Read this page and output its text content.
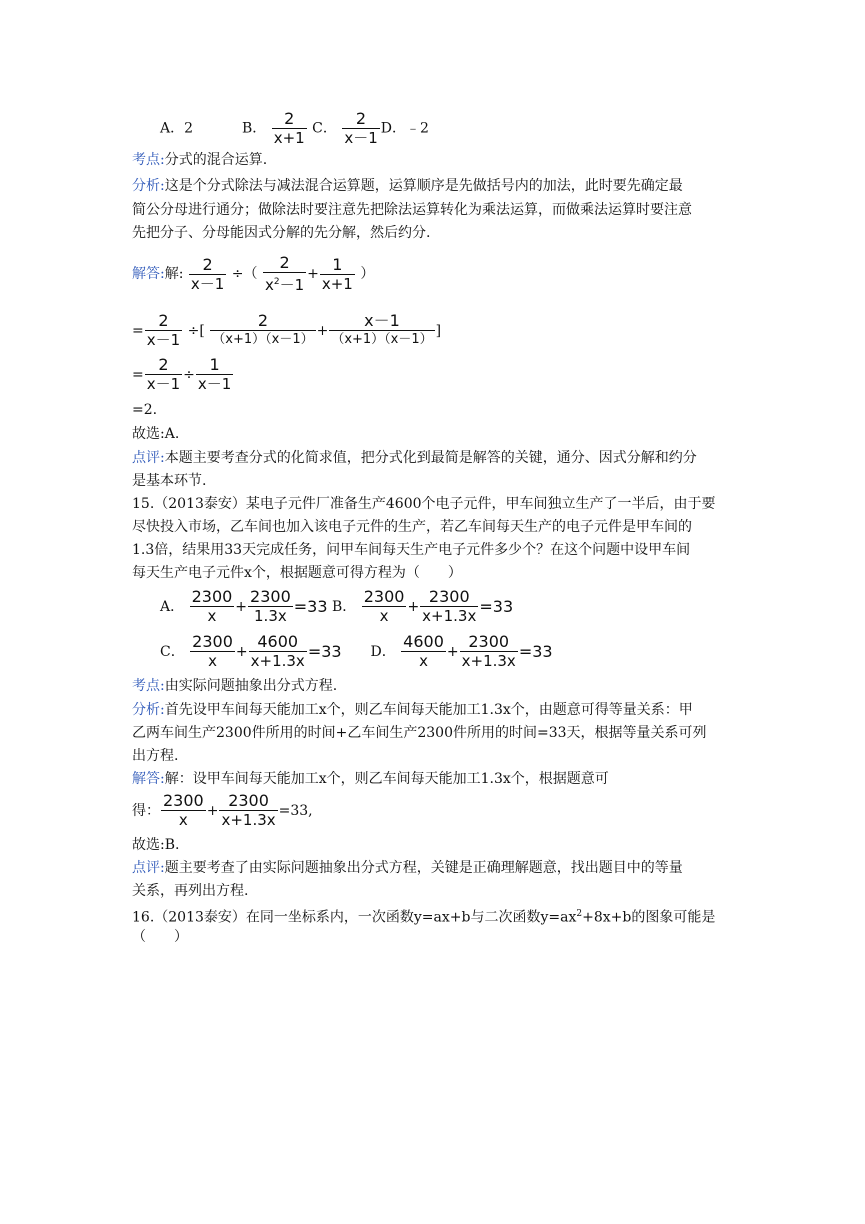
A．2	B． $\frac{2}{x+1}$ C． $\frac{2}{x-1}$ D．﹣2
考点:分式的混合运算.
分析:这是个分式除法与减法混合运算题，运算顺序是先做括号内的加法，此时要先确定最
简公分母进行通分；做除法时要注意先把除法运算转化为乘法运算，而做乘法运算时要注意
先把分子、分母能因式分解的先分解，然后约分.
解答:解: $\frac{2}{x-1}$ ÷（ $\frac{2}{x^2-1} + \frac{1}{x+1}$ ）
= $\frac{2}{x-1}$ ÷[
2
（x+1）（x－1）
+
x－1
（x+1）（x－1）
]
= $\frac{2}{x-1} \div \frac{1}{x-1}$
=2.
故选:A.
点评:本题主要考查分式的化简求值，把分式化到最简是解答的关键，通分、因式分解和约分
是基本环节.
15.（2013泰安）某电子元件厂准备生产4600个电子元件，甲车间独立生产了一半后，由于要
尽快投入市场，乙车间也加入该电子元件的生产，若乙车间每天生产的电子元件是甲车间的
1.3倍，结果用33天完成任务，问甲车间每天生产电子元件多少个？在这个问题中设甲车间
每天生产电子元件x个，根据题意可得方程为（　　）
A． $\frac{2300}{x} + \frac{2300}{1.3x} =33$ B． $\frac{2300}{x} + \frac{2300}{x+1.3x} =33$
C． $\frac{2300}{x} + \frac{4600}{x+1.3x} =33$ D． $\frac{4600}{x} + \frac{2300}{x+1.3x} =33$
考点:由实际问题抽象出分式方程.
分析:首先设甲车间每天能加工x个，则乙车间每天能加工1.3x个，由题意可得等量关系：甲
乙两车间生产2300件所用的时间+乙车间生产2300件所用的时间=33天，根据等量关系可列
出方程.
解答:解：设甲车间每天能加工x个，则乙车间每天能加工1.3x个，根据题意可
得： $\frac{2300}{x} + \frac{2300}{x+1.3x} =33$,
故选:B.
点评:题主要考查了由实际问题抽象出分式方程，关键是正确理解题意，找出题目中的等量
关系，再列出方程.
16.（2013泰安）在同一坐标系内，一次函数y=ax+b与二次函数$y=ax^2+8x+b$的图象可能是
（　　）
